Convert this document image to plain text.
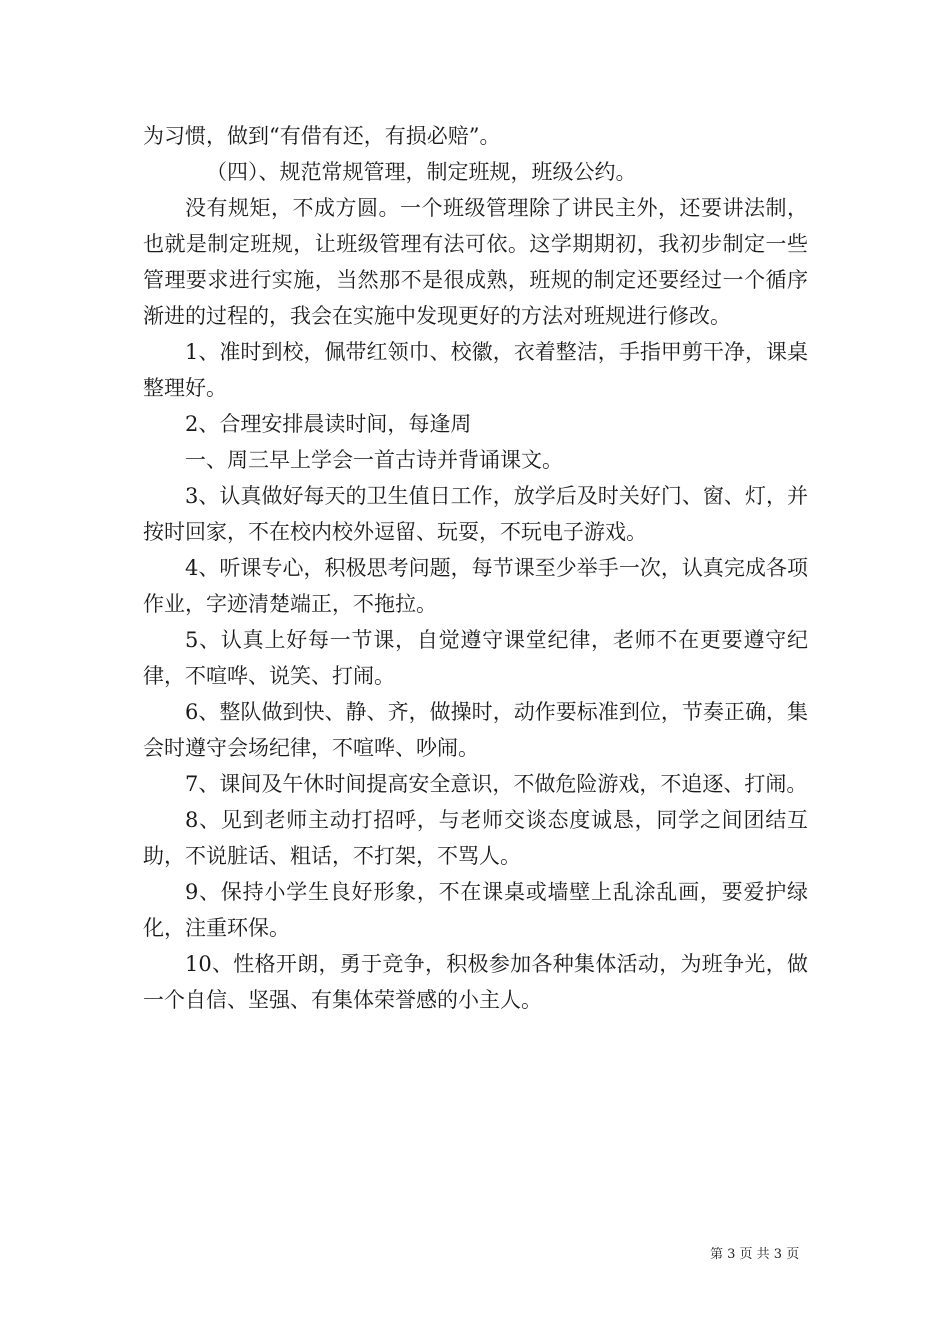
为习惯，做到“有借有还，有损必赔”。

（四）、规范常规管理，制定班规，班级公约。

没有规矩，不成方圆。一个班级管理除了讲民主外，还要讲法制，也就是制定班规，让班级管理有法可依。这学期期初，我初步制定一些管理要求进行实施，当然那不是很成熟，班规的制定还要经过一个循序渐进的过程的，我会在实施中发现更好的方法对班规进行修改。

1、准时到校，佩带红领巾、校徽，衣着整洁，手指甲剪干净，课桌整理好。

2、合理安排晨读时间，每逢周

一、周三早上学会一首古诗并背诵课文。

3、认真做好每天的卫生值日工作，放学后及时关好门、窗、灯，并按时回家，不在校内校外逗留、玩耍，不玩电子游戏。

4、听课专心，积极思考问题，每节课至少举手一次，认真完成各项作业，字迹清楚端正，不拖拉。

5、认真上好每一节课，自觉遵守课堂纪律，老师不在更要遵守纪律，不喧哗、说笑、打闹。

6、整队做到快、静、齐，做操时，动作要标准到位，节奏正确，集会时遵守会场纪律，不喧哗、吵闹。

7、课间及午休时间提高安全意识，不做危险游戏，不追逐、打闹。

8、见到老师主动打招呼，与老师交谈态度诚恳，同学之间团结互助，不说脏话、粗话，不打架，不骂人。

9、保持小学生良好形象，不在课桌或墙壁上乱涂乱画，要爱护绿化，注重环保。

10、性格开朗，勇于竞争，积极参加各种集体活动，为班争光，做一个自信、坚强、有集体荣誉感的小主人。

第 3 页 共 3 页
